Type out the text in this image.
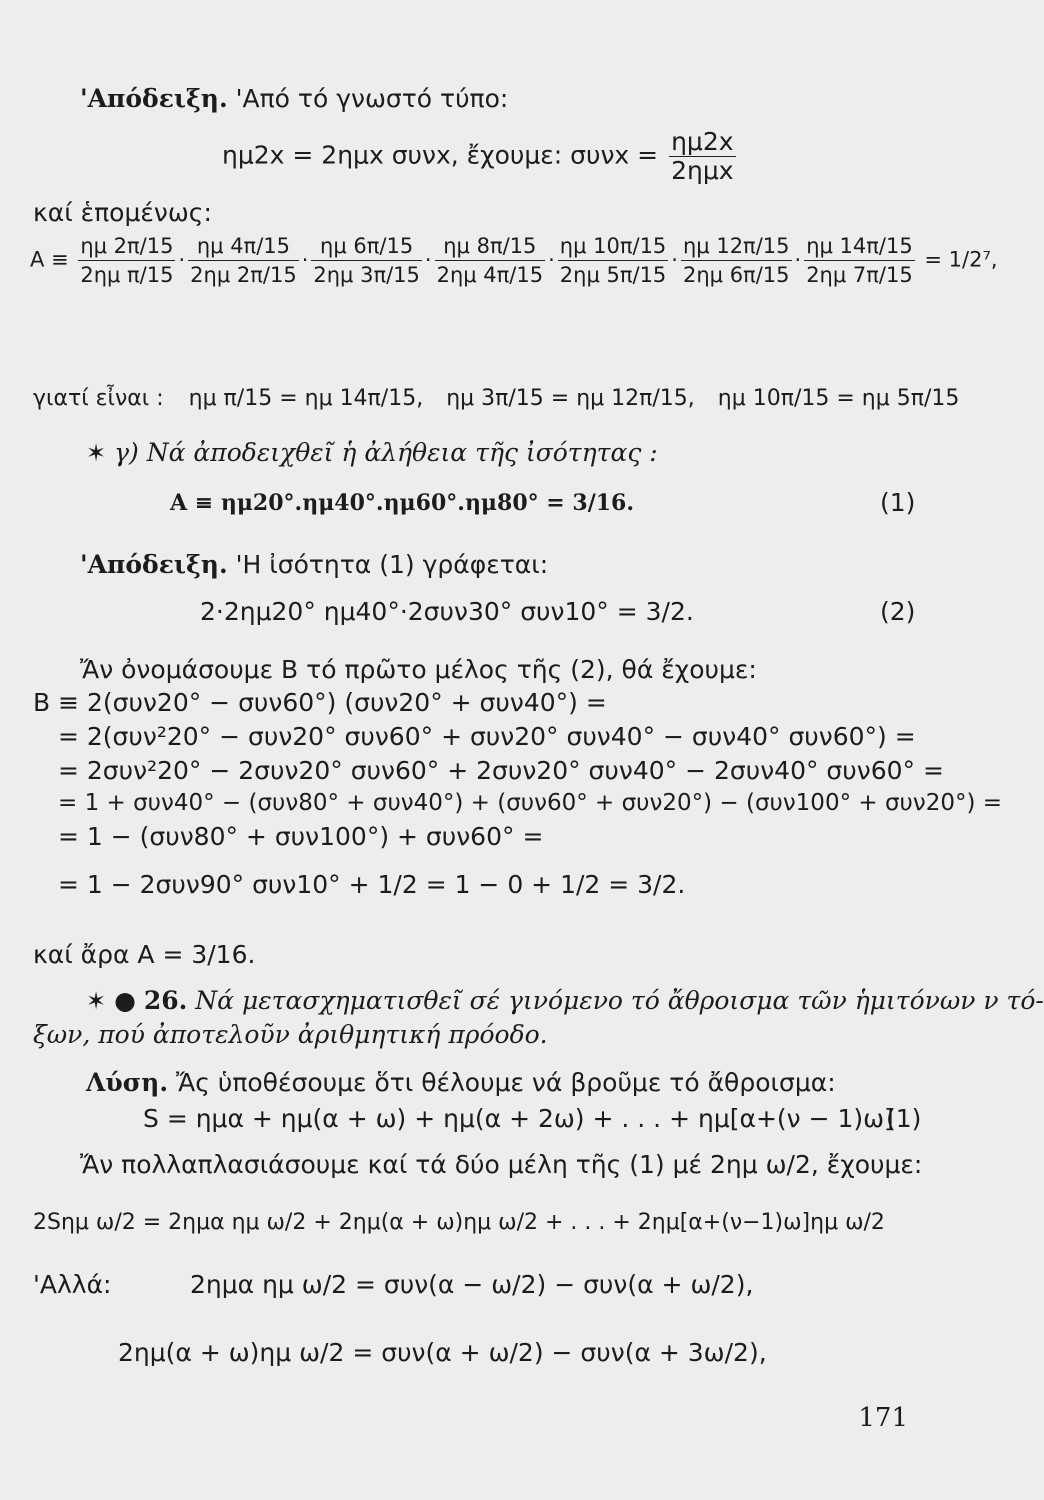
'Απόδειξη. 'Από τό γνωστό τύπο:
ημ2x = 2ημx συνx, ἔχουμε: $\sigma\upsilon\nu x = \frac{\eta\mu 2x}{\text{2ημx}}$
καί ἑπομένως:
$A \equiv \frac{\eta\mu 2\pi/15}{\text{2ημ π/15}} \cdot \frac{\eta\mu 4\pi/15}{2\eta\mu 2\pi/15} \cdot \frac{\eta\mu 6\pi/15}{2\eta\mu 3\pi/15} \cdot \frac{\eta\mu 8\pi/15}{2\eta\mu 4\pi/15} \cdot \frac{\eta\mu 10\pi/15}{2\eta\mu 5\pi/15} \cdot \frac{\eta\mu 12\pi/15}{2\eta\mu 6\pi/15} \cdot \frac{\eta\mu 14\pi/15}{2\eta\mu 7\pi/15} = 1/2^7$,
γιατί εἶναι : ημ π/15 = ημ 14π/15, ημ 3π/15 = ημ 12π/15, ημ 10π/15 = ημ 5π/15
✶ γ) Νά ἀποδειχθεῖ ἡ ἀλήθεια τῆς ἰσότητας :
A ≡ ημ20°.ημ40°.ημ60°.ημ80° = 3/16.	(1)
'Απόδειξη. 'Η ἰσότητα (1) γράφεται:
2·2ημ20° ημ40°·2συν30° συν10° = 3/2.	(2)
Ἄν ὀνομάσουμε B τό πρῶτο μέλος τῆς (2), θά ἔχουμε:
B ≡ 2(συν20° − συν60°) (συν20° + συν40°) =
= 2(συν²20° − συν20° συν60° + συν20° συν40° − συν40° συν60°) =
= 2συν²20° − 2συν20° συν60° + 2συν20° συν40° − 2συν40° συν60° =
= 1 + συν40° − (συν80° + συν40°) + (συν60° + συν20°) − (συν100° + συν20°) =
= 1 − (συν80° + συν100°) + συν60° =
= 1 − 2συν90° συν10° + 1/2 = 1 − 0 + 1/2 = 3/2.
καί ἄρα A = 3/16.
✶ ● 26. Νά μετασχηματισθεῖ σέ γινόμενο τό ἄθροισμα τῶν ἡμιτόνων ν τό-
ξων, πού ἀποτελοῦν ἀριθμητική πρόοδο.
Λύση. Ἄς ὑποθέσουμε ὅτι θέλουμε νά βροῦμε τό ἄθροισμα:
S = ημα + ημ(α + ω) + ημ(α + 2ω) + . . . + ημ[α+(ν − 1)ω]
(1)
Ἄν πολλαπλασιάσουμε καί τά δύο μέλη τῆς (1) μέ 2ημ ω/2, ἔχουμε:
2Sημ ω/2 = 2ημα ημ ω/2 + 2ημ(α + ω)ημ ω/2 + . . . + 2ημ[α+(ν−1)ω]ημ ω/2
'Αλλά:	2ημα ημ ω/2 = συν(α − ω/2) − συν(α + ω/2),
2ημ(α + ω)ημ ω/2 = συν(α + ω/2) − συν(α + 3ω/2),
171
